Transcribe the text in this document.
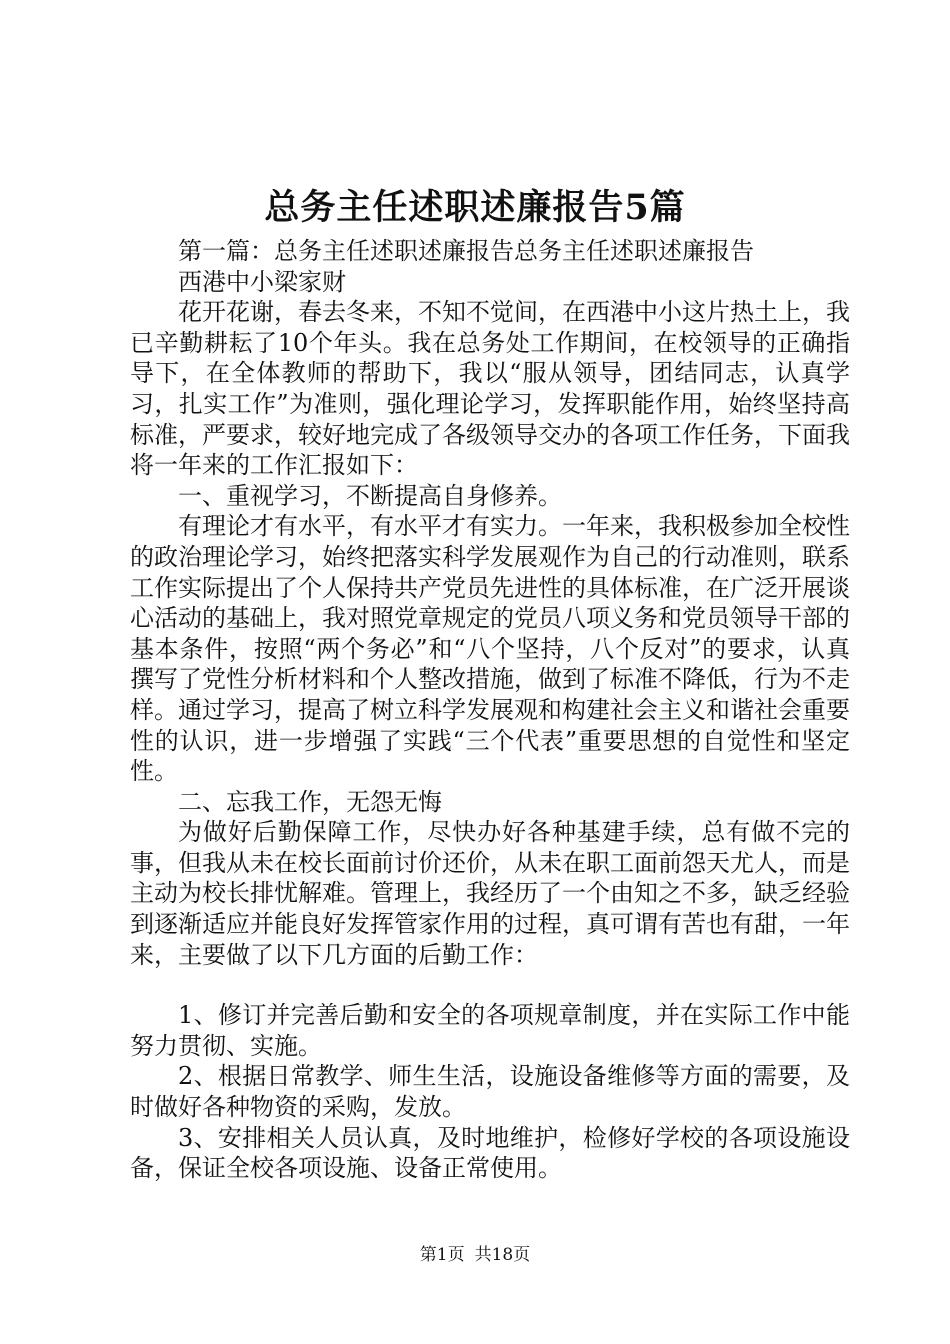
总务主任述职述廉报告5篇

第一篇：总务主任述职述廉报告总务主任述职述廉报告

西港中小梁家财

花开花谢，春去冬来，不知不觉间，在西港中小这片热土上，我已辛勤耕耘了10个年头。我在总务处工作期间，在校领导的正确指导下，在全体教师的帮助下，我以“服从领导，团结同志，认真学习，扎实工作”为准则，强化理论学习，发挥职能作用，始终坚持高标准，严要求，较好地完成了各级领导交办的各项工作任务，下面我将一年来的工作汇报如下：

一、重视学习，不断提高自身修养。

有理论才有水平，有水平才有实力。一年来，我积极参加全校性的政治理论学习，始终把落实科学发展观作为自己的行动准则，联系工作实际提出了个人保持共产党员先进性的具体标准，在广泛开展谈心活动的基础上，我对照党章规定的党员八项义务和党员领导干部的基本条件，按照“两个务必”和“八个坚持，八个反对”的要求，认真撰写了党性分析材料和个人整改措施，做到了标准不降低，行为不走样。通过学习，提高了树立科学发展观和构建社会主义和谐社会重要性的认识，进一步增强了实践“三个代表”重要思想的自觉性和坚定性。

二、忘我工作，无怨无悔

为做好后勤保障工作，尽快办好各种基建手续，总有做不完的事，但我从未在校长面前讨价还价，从未在职工面前怨天尤人，而是主动为校长排忧解难。管理上，我经历了一个由知之不多，缺乏经验到逐渐适应并能良好发挥管家作用的过程，真可谓有苦也有甜，一年来，主要做了以下几方面的后勤工作：

1、修订并完善后勤和安全的各项规章制度，并在实际工作中能努力贯彻、实施。

2、根据日常教学、师生生活，设施设备维修等方面的需要，及时做好各种物资的采购，发放。

3、安排相关人员认真，及时地维护，检修好学校的各项设施设备，保证全校各项设施、设备正常使用。

第1页 共18页
